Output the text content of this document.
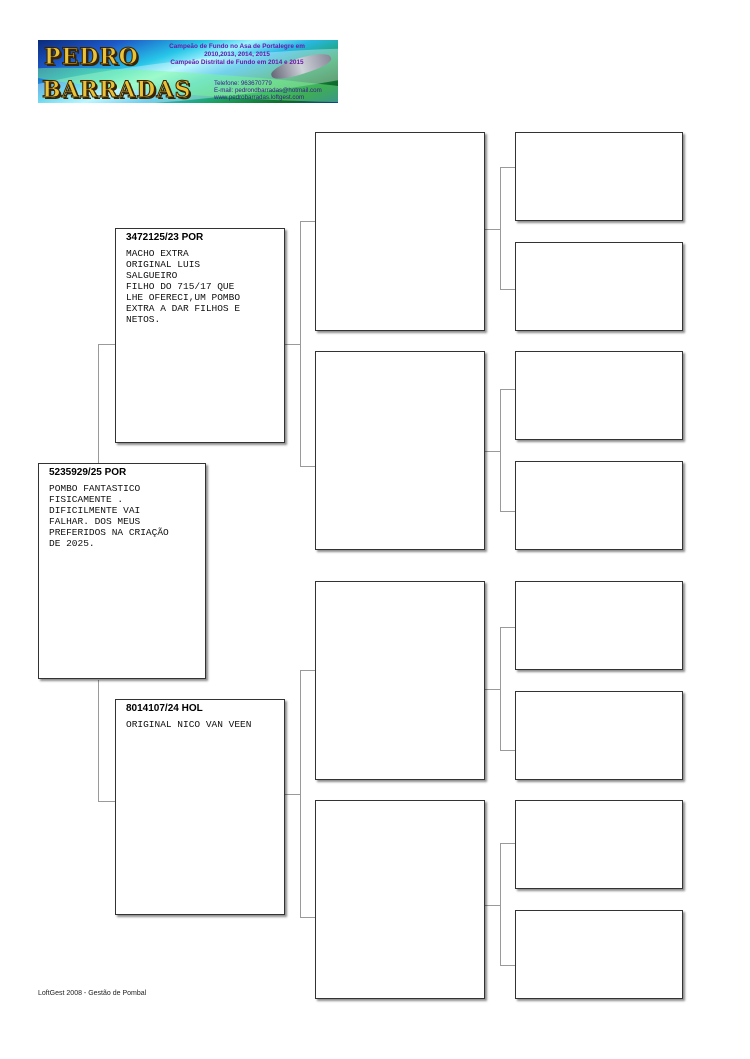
PEDRO
BARRADAS
Campeão de Fundo no Asa de Portalegre em
2010,2013, 2014, 2015
Campeão Distrital de Fundo em 2014 e 2015
Telefone: 963670779
E-mail: pedrondbarradas@hotmail.com
www.pedrobarradas.loftgest.com
5235929/25 POR
POMBO FANTASTICO
FISICAMENTE .
DIFICILMENTE VAI
FALHAR. DOS MEUS
PREFERIDOS NA CRIAÇÃO
DE 2025.
3472125/23 POR
MACHO EXTRA
ORIGINAL LUIS
SALGUEIRO
FILHO DO 715/17 QUE
LHE OFERECI,UM POMBO
EXTRA A DAR FILHOS E
NETOS.
8014107/24 HOL
ORIGINAL NICO VAN VEEN
LoftGest 2008 - Gestão de Pombal
